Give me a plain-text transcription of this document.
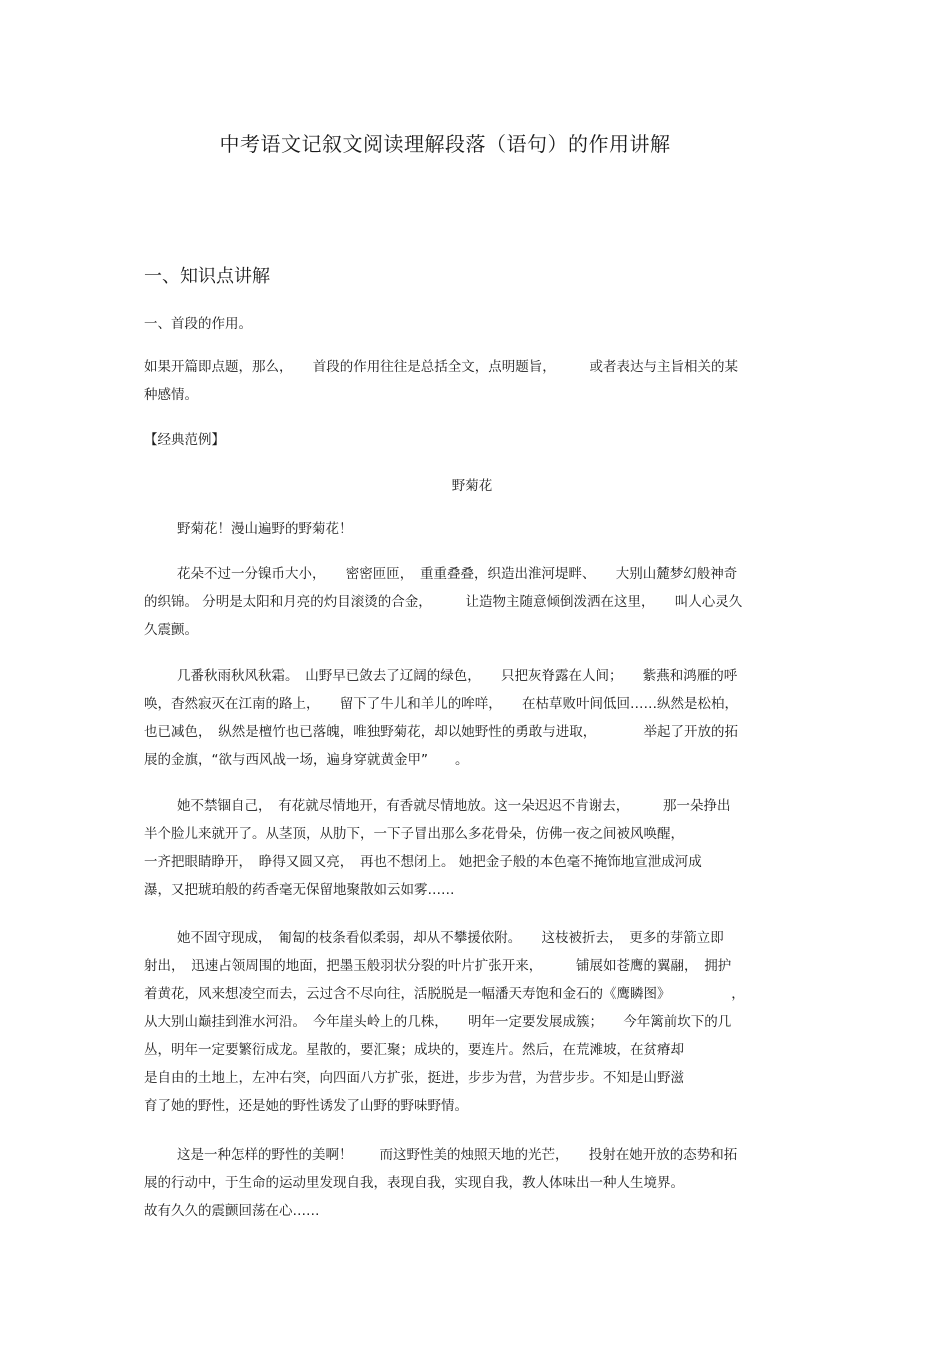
中考语文记叙文阅读理解段落（语句）的作用讲解
一、知识点讲解

一、首段的作用。

如果开篇即点题，那么，　　首段的作用往往是总括全文，点明题旨，　　　或者表达与主旨相关的某
种感情。

【经典范例】

野菊花

野菊花！漫山遍野的野菊花！
花朵不过一分镍币大小，　　密密匝匝，　重重叠叠，织造出淮河堤畔、　　大别山麓梦幻般神奇
的织锦。 分明是太阳和月亮的灼目滚烫的合金，　　　让造物主随意倾倒泼洒在这里，　　叫人心灵久
久震颤。
几番秋雨秋风秋霜。　山野早已敛去了辽阔的绿色，　　只把灰脊露在人间；　　紫燕和鸿雁的呼
唤，杳然寂灭在江南的路上，　　留下了牛儿和羊儿的哞咩，　　在枯草败叶间低回……纵然是松柏，
也已减色，　纵然是檀竹也已落魄，唯独野菊花，却以她野性的勇敢与进取，　　　　举起了开放的拓
展的金旗，“欲与西风战一场，遍身穿就黄金甲”　　。
她不禁锢自己，　有花就尽情地开，有香就尽情地放。这一朵迟迟不肯谢去，　　　那一朵挣出
半个脸儿来就开了。从茎顶，从肋下，一下子冒出那么多花骨朵，仿佛一夜之间被风唤醒，
一齐把眼睛睁开，　睁得又圆又亮，　再也不想闭上。 她把金子般的本色毫不掩饰地宣泄成河成
瀑，又把琥珀般的药香毫无保留地聚散如云如雾……
她不固守现成，　匍匐的枝条看似柔弱，却从不攀援依附。　　这枝被折去，　更多的芽箭立即
射出，　迅速占领周围的地面，把墨玉般羽状分裂的叶片扩张开来，　　　铺展如苍鹰的翼翮，　拥护
着黄花，风来想凌空而去，云过含不尽向往，活脱脱是一幅潘天寿饱和金石的《鹰瞵图》　　　　　，
从大别山巅挂到淮水河沿。　今年崖头岭上的几株，　　明年一定要发展成簇；　　今年篱前坎下的几
丛，明年一定要繁衍成龙。星散的，要汇聚；成块的，要连片。然后，在荒滩坡，在贫瘠却
是自由的土地上，左冲右突，向四面八方扩张，挺进，步步为营，为营步步。不知是山野滋
育了她的野性，还是她的野性诱发了山野的野味野情。
这是一种怎样的野性的美啊！　　而这野性美的烛照天地的光芒，　　投射在她开放的态势和拓
展的行动中，于生命的运动里发现自我，表现自我，实现自我，教人体味出一种人生境界。
故有久久的震颤回荡在心……
